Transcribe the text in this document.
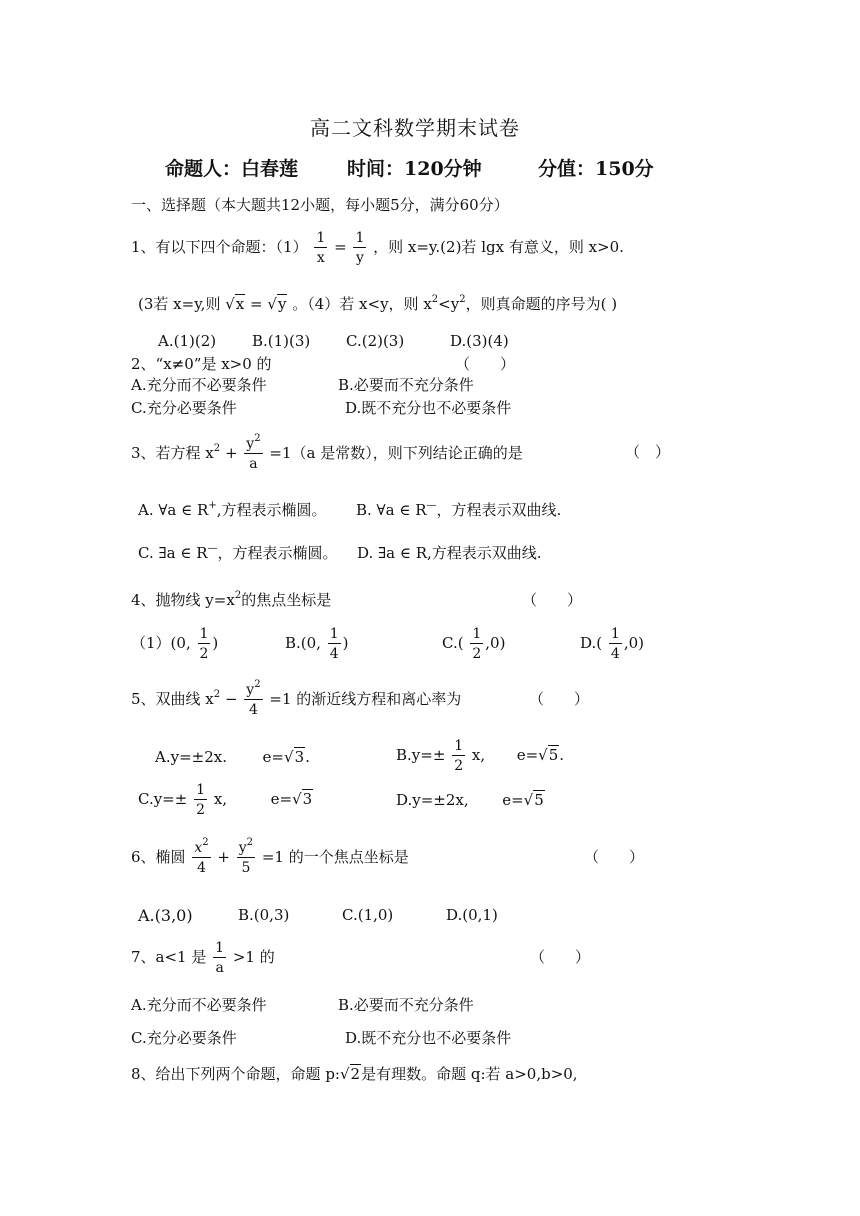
高二文科数学期末试卷
命题人：白春莲	时间：120分钟	分值：150分
一、选择题（本大题共12小题，每小题5分，满分60分）
1、有以下四个命题：$(1) \frac{1}{x} = \frac{1}{y}$ ，则 x=y.(2)若 lgx 有意义，则 x>0.
(3若 x=y,则 √x = √y 。（4）若 x<y，则 $x^2<y^2$，则真命题的序号为( )
A.(1)(2) B.(1)(3) C.(2)(3)	D.(3)(4)
2、“x≠0”是 x>0 的	（　　）
A.充分而不必要条件	B.必要而不充分条件
C.充分必要条件	D.既不充分也不必要条件
3、若方程 $x^2 + \frac{y^2}{a} =1(a$ 是常数），则下列结论正确的是	（　）
A. ∀a ∈ R+,方程表示椭圆。 B. ∀a ∈ R—，方程表示双曲线.
C. ∃a ∈ R—，方程表示椭圆。 D. ∃a ∈ R,方程表示双曲线.
4、抛物线 $y=x^2$的焦点坐标是	（　　）
（1）(0, $\frac{1}{2}$ )	B.(0, $\frac{1}{4}$ )	$C.( \frac{1}{2} ,0)$	$D.( \frac{1}{4} ,0)$
5、双曲线 $x^2 - \frac{y^2}{4} =1$ 的渐近线方程和离心率为	（　　）
A.y=±2x. e=√3.	$B.y=\pm \frac{1}{2} x$, e=√5.
$C.y=\pm \frac{1}{2} x$,	e=√3	D.y=±2x, e=√5
6、椭圆 $\frac{x^2}{4} + \frac{y^2}{5} =1$ 的一个焦点坐标是	（　　）
A.(3,0)	B.(0,3)	C.(1,0)	D.(0,1)
7、a<1 是 $\frac{1}{a} >1$ 的	（　　）
A.充分而不必要条件	B.必要而不充分条件
C.充分必要条件	D.既不充分也不必要条件
8、给出下列两个命题，命题 p:√2是有理数。命题 q:若 a>0,b>0,
